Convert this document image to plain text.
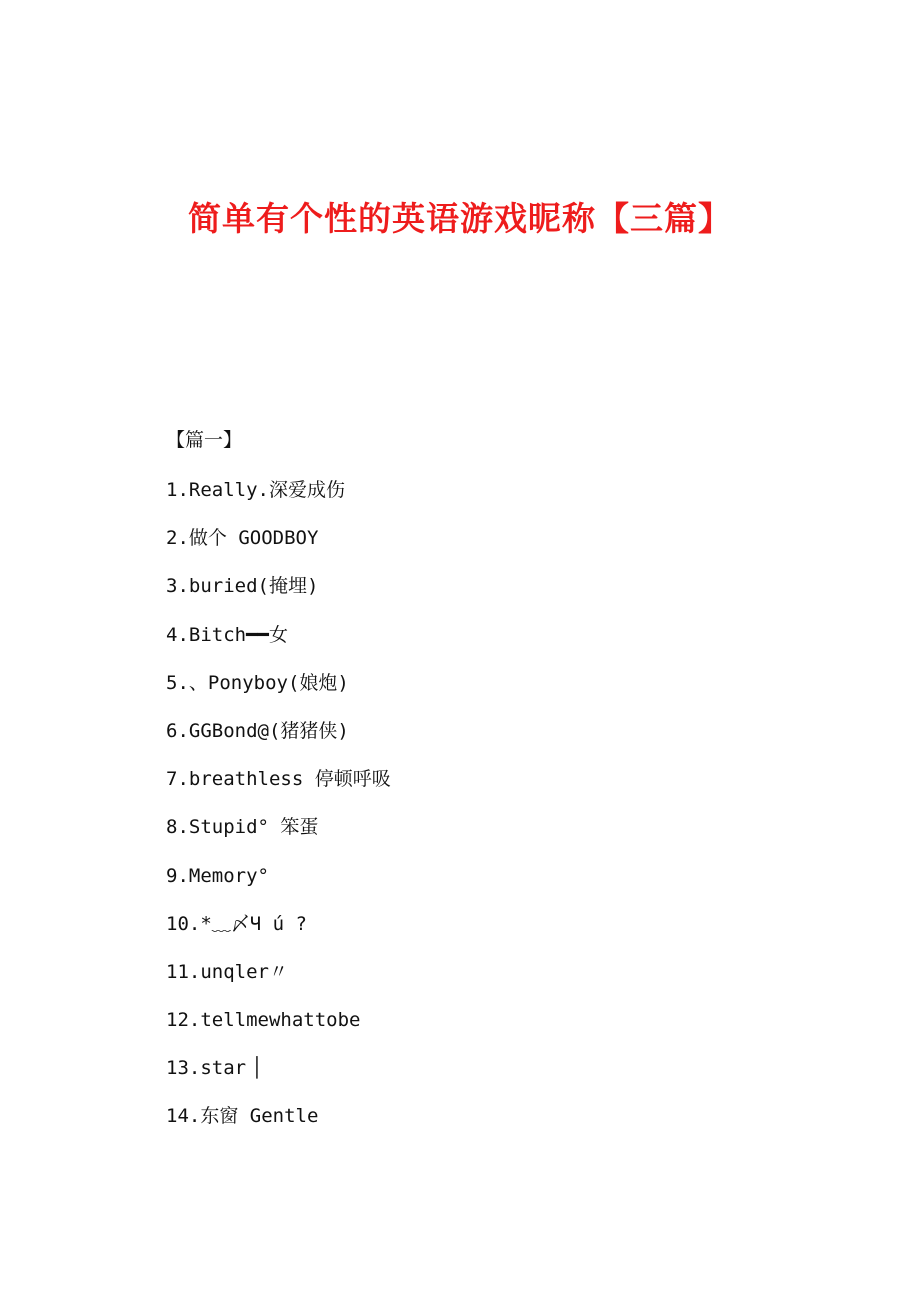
简单有个性的英语游戏昵称【三篇】
【篇一】
1.Really.深爱成伤
2.做个 GOODBOY
3.buried(掩埋)
4.Bitch━━女
5.、Ponyboy(娘炮)
6.GGBond@(猪猪侠)
7.breathless 停顿呼吸
8.Stupid° 笨蛋
9.Memory°
10.*﹏〆Ч ú ?
11.unqler〃
12.tellmewhattobe
13.star▕
14.东窗 Gentle
